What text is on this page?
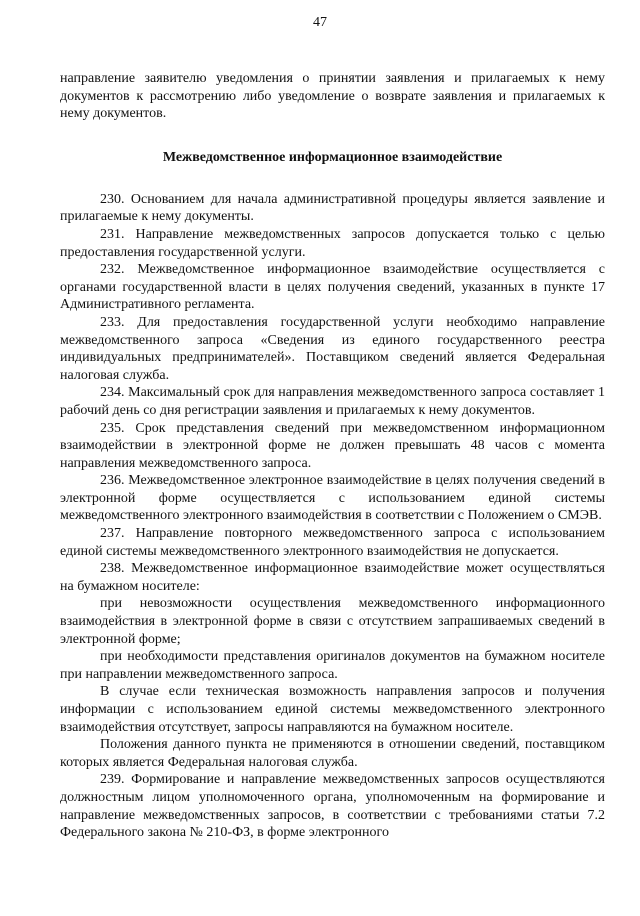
47

направление заявителю уведомления о принятии заявления и прилагаемых к нему документов к рассмотрению либо уведомление о возврате заявления и прилагаемых к нему документов.

Межведомственное информационное взаимодействие

230. Основанием для начала административной процедуры является заявление и прилагаемые к нему документы.

231. Направление межведомственных запросов допускается только с целью предоставления государственной услуги.

232. Межведомственное информационное взаимодействие осуществляется с органами государственной власти в целях получения сведений, указанных в пункте 17 Административного регламента.

233. Для предоставления государственной услуги необходимо направление межведомственного запроса «Сведения из единого государственного реестра индивидуальных предпринимателей». Поставщиком сведений является Федеральная налоговая служба.

234. Максимальный срок для направления межведомственного запроса составляет 1 рабочий день со дня регистрации заявления и прилагаемых к нему документов.

235. Срок представления сведений при межведомственном информационном взаимодействии в электронной форме не должен превышать 48 часов с момента направления межведомственного запроса.

236. Межведомственное электронное взаимодействие в целях получения сведений в электронной форме осуществляется с использованием единой системы межведомственного электронного взаимодействия в соответствии с Положением о СМЭВ.

237. Направление повторного межведомственного запроса с использованием единой системы межведомственного электронного взаимодействия не допускается.

238. Межведомственное информационное взаимодействие может осуществляться на бумажном носителе:

при невозможности осуществления межведомственного информационного взаимодействия в электронной форме в связи с отсутствием запрашиваемых сведений в электронной форме;

при необходимости представления оригиналов документов на бумажном носителе при направлении межведомственного запроса.

В случае если техническая возможность направления запросов и получения информации с использованием единой системы межведомственного электронного взаимодействия отсутствует, запросы направляются на бумажном носителе.

Положения данного пункта не применяются в отношении сведений, поставщиком которых является Федеральная налоговая служба.

239. Формирование и направление межведомственных запросов осуществляются должностным лицом уполномоченного органа, уполномоченным на формирование и направление межведомственных запросов, в соответствии с требованиями статьи 7.2 Федерального закона № 210-ФЗ, в форме электронного
